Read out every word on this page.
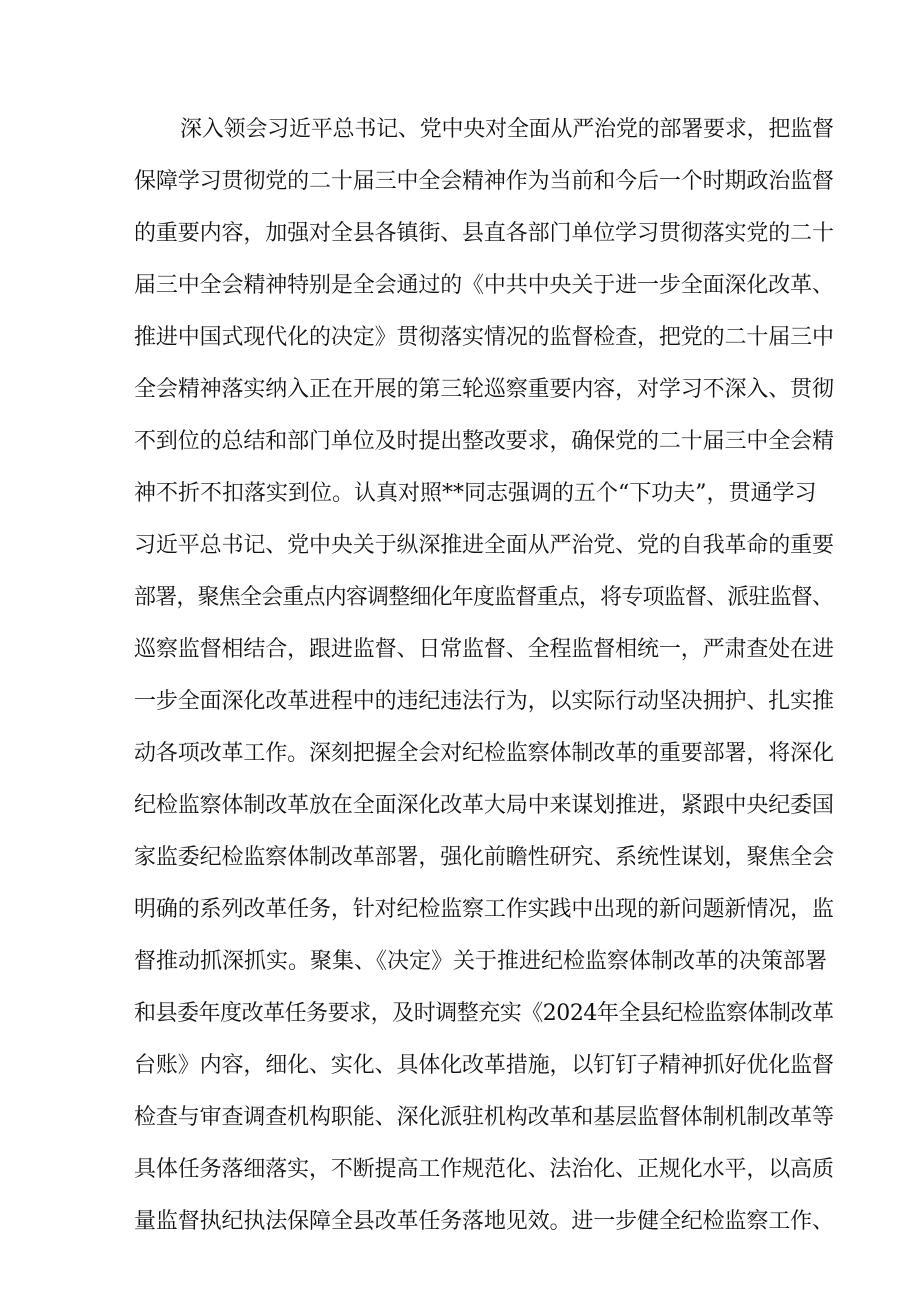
深入领会习近平总书记、党中央对全面从严治党的部署要求，把监督
保障学习贯彻党的二十届三中全会精神作为当前和今后一个时期政治监督
的重要内容，加强对全县各镇街、县直各部门单位学习贯彻落实党的二十
届三中全会精神特别是全会通过的《中共中央关于进一步全面深化改革、
推进中国式现代化的决定》贯彻落实情况的监督检查，把党的二十届三中
全会精神落实纳入正在开展的第三轮巡察重要内容，对学习不深入、贯彻
不到位的总结和部门单位及时提出整改要求，确保党的二十届三中全会精
神不折不扣落实到位。认真对照**同志强调的五个“下功夫”，贯通学习
习近平总书记、党中央关于纵深推进全面从严治党、党的自我革命的重要
部署，聚焦全会重点内容调整细化年度监督重点，将专项监督、派驻监督、
巡察监督相结合，跟进监督、日常监督、全程监督相统一，严肃查处在进
一步全面深化改革进程中的违纪违法行为，以实际行动坚决拥护、扎实推
动各项改革工作。深刻把握全会对纪检监察体制改革的重要部署，将深化
纪检监察体制改革放在全面深化改革大局中来谋划推进，紧跟中央纪委国
家监委纪检监察体制改革部署，强化前瞻性研究、系统性谋划，聚焦全会
明确的系列改革任务，针对纪检监察工作实践中出现的新问题新情况，监
督推动抓深抓实。聚集、《决定》关于推进纪检监察体制改革的决策部署
和县委年度改革任务要求，及时调整充实《2024年全县纪检监察体制改革
台账》内容，细化、实化、具体化改革措施，以钉钉子精神抓好优化监督
检查与审查调查机构职能、深化派驻机构改革和基层监督体制机制改革等
具体任务落细落实，不断提高工作规范化、法治化、正规化水平，以高质
量监督执纪执法保障全县改革任务落地见效。进一步健全纪检监察工作、
